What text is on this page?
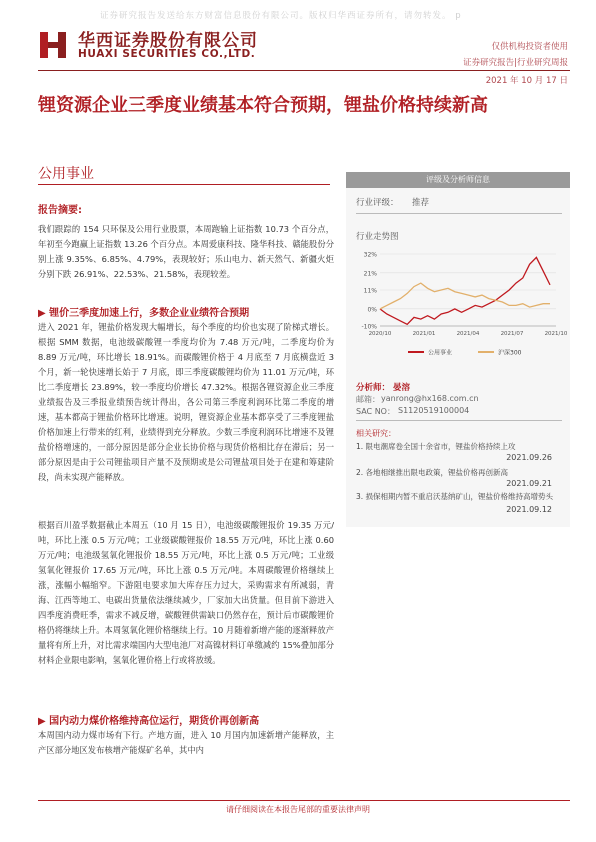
证券研究报告发送给东方财富信息股份有限公司。版权归华西证券所有，请勿转发。 p
华西证券股份有限公司
HUAXI SECURITIES CO.,LTD.
仅供机构投资者使用
证券研究报告|行业研究周报
2021 年 10 月 17 日
锂资源企业三季度业绩基本符合预期，锂盐价格持续新高
公用事业
报告摘要:
我们跟踪的 154 只环保及公用行业股票，本周跑输上证指数 10.73 个百分点，年初至今跑赢上证指数 13.26 个百分点。本周爱康科技、隆华科技、赣能股份分别上涨 9.35%、6.85%、4.79%，表现较好；乐山电力、新天然气、新疆火炬分别下跌 26.91%、22.53%、21.58%，表现较差。
▶ 锂价三季度加速上行，多数企业业绩符合预期
进入 2021 年，锂盐价格发现大幅增长，每个季度的均价也实现了阶梯式增长。根据 SMM 数据，电池级碳酸锂一季度均价为 7.48 万元/吨，二季度均价为 8.89 万元/吨，环比增长 18.91%。而碳酸锂价格于 4 月底至 7 月底横盘近 3 个月，新一轮快速增长始于 7 月底，即三季度碳酸锂均价为 11.01 万元/吨，环比二季度增长 23.89%，较一季度均价增长 47.32%。根据各锂资源企业三季度业绩报告及三季报业绩预告统计得出，各公司第三季度利润环比第二季度的增速，基本都高于锂盐价格环比增速。说明，锂资源企业基本都享受了三季度锂盐价格加速上行带来的红利，业绩得到充分释放。少数三季度利润环比增速不及锂盐价格增速的，一部分原因是部分企业长协价格与现货价格相比存在滞后；另一部分原因是由于公司锂盐项目产量不及预期或是公司锂盐项目处于在建和筹建阶段，尚未实现产能释放。
根据百川盈孚数据截止本周五（10 月 15 日），电池级碳酸锂报价 19.35 万元/吨，环比上涨 0.5 万元/吨；工业级碳酸锂报价 18.55 万元/吨，环比上涨 0.60 万元/吨；电池级氢氧化锂报价 18.55 万元/吨，环比上涨 0.5 万元/吨；工业级氢氧化锂报价 17.65 万元/吨，环比上涨 0.5 万元/吨。本周碳酸锂价格继续上涨，涨幅小幅缩窄。下游阻电要求加大库存压力过大，采购需求有所减弱，青海、江西等地工、电碳出货量依法继续减少，厂家加大出货量。但目前下游进入四季度消费旺季，需求不减反增，碳酸锂供需缺口仍然存在，预计后市碳酸锂价格仍将继续上升。本周氢氧化锂价格继续上行。10 月随着新增产能的逐渐释放产量将有所上升，对比需求端国内大型电池厂对高镍材料订单缴减约 15%叠加部分材料企业限电影响，氢氧化锂价格上行或将放缓。
▶ 国内动力煤价格维持高位运行，期货价再创新高
本周国内动力煤市场有下行。产地方面，进入 10 月国内加速新增产能释放，主产区部分地区发布核增产能煤矿名单，其中内
评级及分析师信息
行业评级： 推荐
行业走势图
32%
21%
11%
0%
-10%
2020/10	2021/01	2021/04	2021/07	2021/10
公用事业	沪深300
分析师： 晏溶
邮箱： yanrong@hx168.com.cn
SAC NO： S1120519100004
相关研究：
1. 限电潮席卷全国十余省市，锂盐价格持续上攻
2021.09.26
2. 各地相继推出限电政策，锂盐价格再创新高
2021.09.21
3. 损保相期内暂不重启沃基纳矿山，锂盐价格维持高增势头
2021.09.12
请仔细阅读在本报告尾部的重要法律声明
